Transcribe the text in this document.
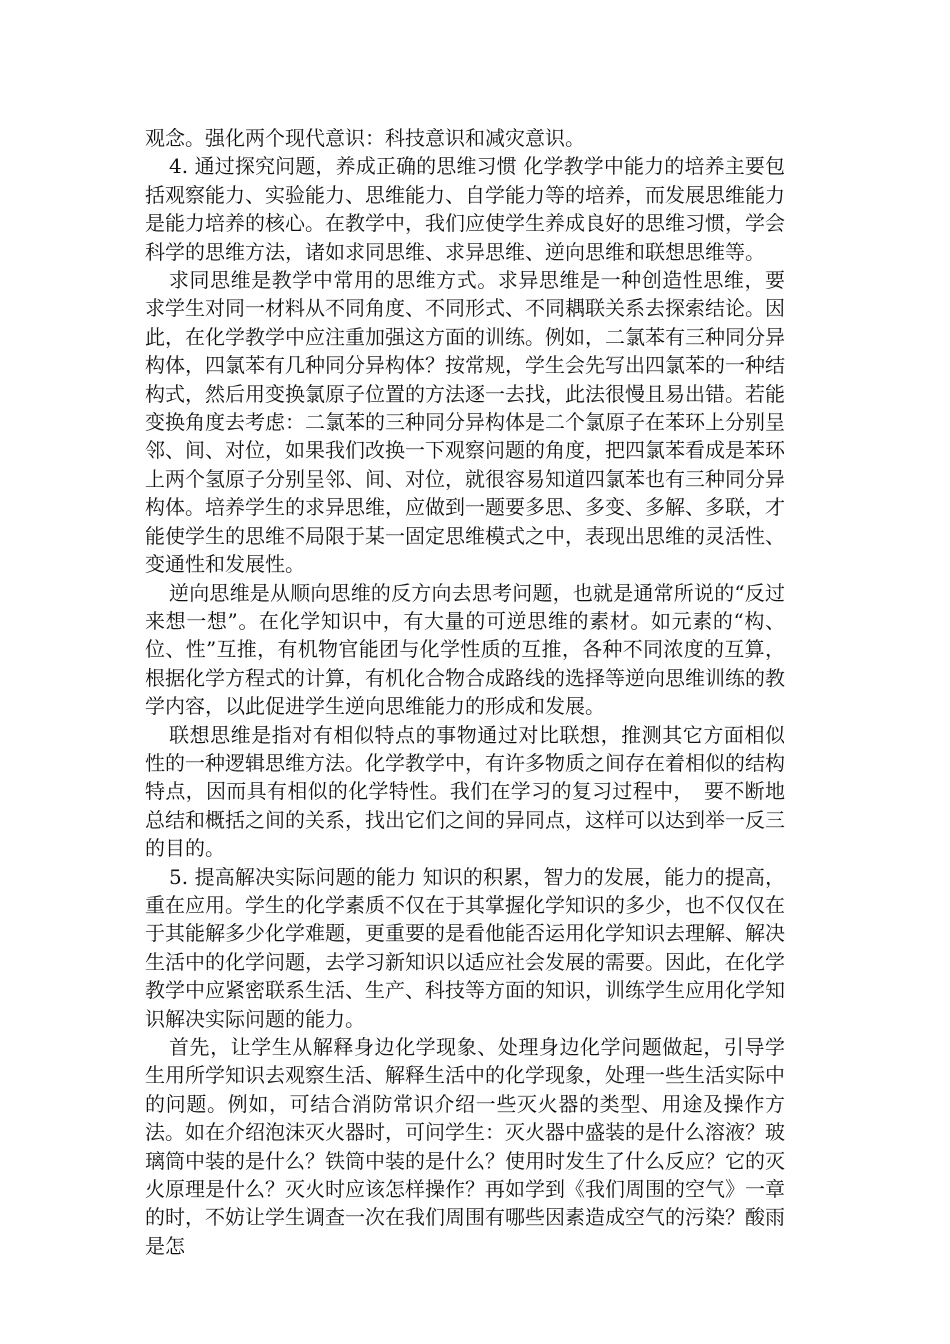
观念。强化两个现代意识：科技意识和减灾意识。

4. 通过探究问题，养成正确的思维习惯 化学教学中能力的培养主要包括观察能力、实验能力、思维能力、自学能力等的培养，而发展思维能力是能力培养的核心。在教学中，我们应使学生养成良好的思维习惯，学会科学的思维方法，诸如求同思维、求异思维、逆向思维和联想思维等。

求同思维是教学中常用的思维方式。求异思维是一种创造性思维，要求学生对同一材料从不同角度、不同形式、不同耦联关系去探索结论。因此，在化学教学中应注重加强这方面的训练。例如，二氯苯有三种同分异构体，四氯苯有几种同分异构体？按常规，学生会先写出四氯苯的一种结构式，然后用变换氯原子位置的方法逐一去找，此法很慢且易出错。若能变换角度去考虑：二氯苯的三种同分异构体是二个氯原子在苯环上分别呈邻、间、对位，如果我们改换一下观察问题的角度，把四氯苯看成是苯环上两个氢原子分别呈邻、间、对位，就很容易知道四氯苯也有三种同分异构体。培养学生的求异思维，应做到一题要多思、多变、多解、多联，才能使学生的思维不局限于某一固定思维模式之中，表现出思维的灵活性、变通性和发展性。

逆向思维是从顺向思维的反方向去思考问题，也就是通常所说的“反过来想一想”。在化学知识中，有大量的可逆思维的素材。如元素的“构、位、性”互推，有机物官能团与化学性质的互推，各种不同浓度的互算，根据化学方程式的计算，有机化合物合成路线的选择等逆向思维训练的教学内容，以此促进学生逆向思维能力的形成和发展。

联想思维是指对有相似特点的事物通过对比联想，推测其它方面相似性的一种逻辑思维方法。化学教学中，有许多物质之间存在着相似的结构特点，因而具有相似的化学特性。我们在学习的复习过程中，　要不断地总结和概括之间的关系，找出它们之间的异同点，这样可以达到举一反三的目的。

5. 提高解决实际问题的能力 知识的积累，智力的发展，能力的提高，重在应用。学生的化学素质不仅在于其掌握化学知识的多少，也不仅仅在于其能解多少化学难题，更重要的是看他能否运用化学知识去理解、解决生活中的化学问题，去学习新知识以适应社会发展的需要。因此，在化学教学中应紧密联系生活、生产、科技等方面的知识，训练学生应用化学知识解决实际问题的能力。

首先，让学生从解释身边化学现象、处理身边化学问题做起，引导学生用所学知识去观察生活、解释生活中的化学现象，处理一些生活实际中的问题。例如，可结合消防常识介绍一些灭火器的类型、用途及操作方法。如在介绍泡沫灭火器时，可问学生：灭火器中盛装的是什么溶液？玻璃筒中装的是什么？铁筒中装的是什么？使用时发生了什么反应？它的灭火原理是什么？灭火时应该怎样操作？再如学到《我们周围的空气》一章的时，不妨让学生调查一次在我们周围有哪些因素造成空气的污染？酸雨是怎
